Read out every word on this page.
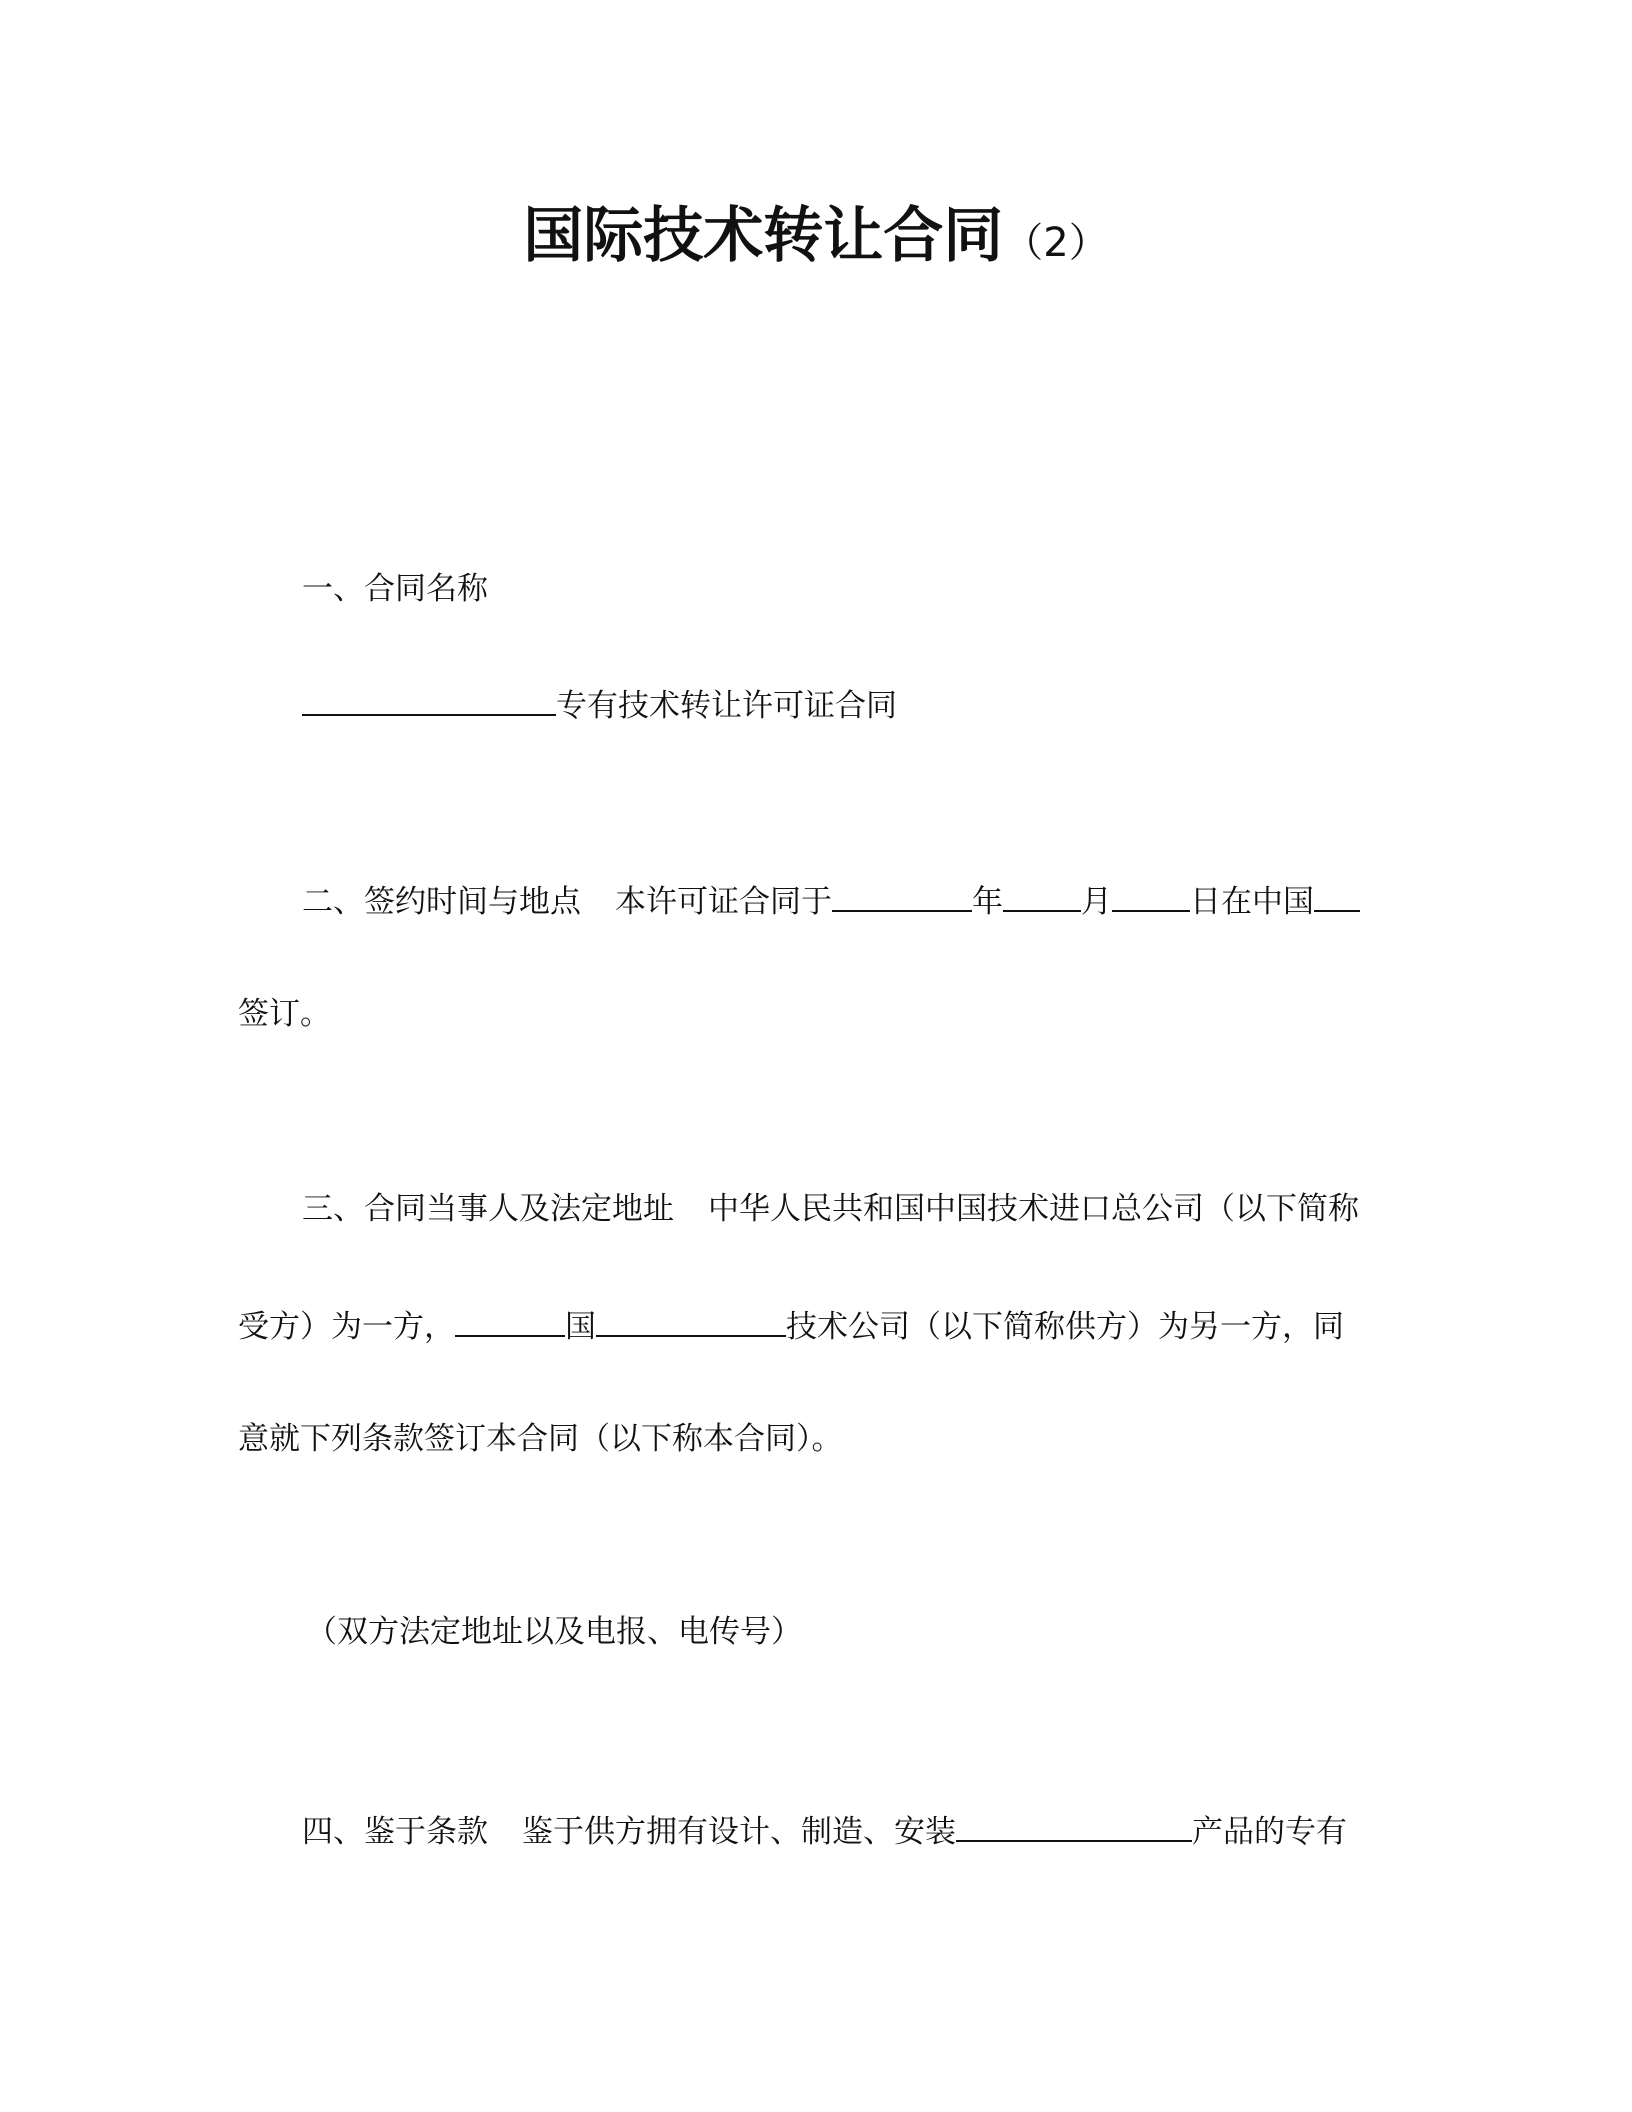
国际技术转让合同（2）
一、合同名称
专有技术转让许可证合同
二、签约时间与地点 本许可证合同于	年	月	日在中国
签订。
三、合同当事人及法定地址 中华人民共和国中国技术进口总公司（以下简称
受方）为一方，	国	技术公司（以下简称供方）为另一方，同
意就下列条款签订本合同（以下称本合同）。
（双方法定地址以及电报、电传号）
四、鉴于条款 鉴于供方拥有设计、制造、安装	产品的专有
